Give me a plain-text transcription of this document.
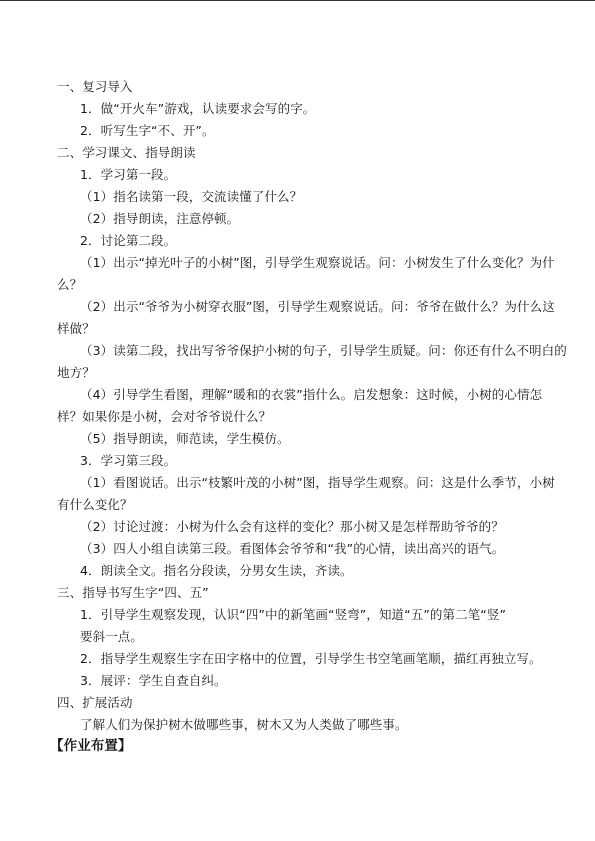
一、复习导入
1．做“开火车”游戏，认读要求会写的字。
2．听写生字“不、开”。
二、学习课文、指导朗读
1．学习第一段。
（1）指名读第一段，交流读懂了什么？
（2）指导朗读，注意停顿。
2．讨论第二段。
（1）出示“掉光叶子的小树”图，引导学生观察说话。问：小树发生了什么变化？为什
么？
（2）出示“爷爷为小树穿衣服”图，引导学生观察说话。问：爷爷在做什么？为什么这
样做？
（3）读第二段，找出写爷爷保护小树的句子，引导学生质疑。问：你还有什么不明白的
地方？
（4）引导学生看图，理解“暖和的衣裳”指什么。启发想象：这时候，小树的心情怎
样？如果你是小树，会对爷爷说什么？
（5）指导朗读，师范读，学生模仿。
3．学习第三段。
（1）看图说话。出示“枝繁叶茂的小树”图，指导学生观察。问：这是什么季节，小树
有什么变化？
（2）讨论过渡：小树为什么会有这样的变化？那小树又是怎样帮助爷爷的？
（3）四人小组自读第三段。看图体会爷爷和“我”的心情，读出高兴的语气。
4．朗读全文。指名分段读，分男女生读，齐读。
三、指导书写生字“四、五”
1．引导学生观察发现，认识“四”中的新笔画“竖弯”，知道“五”的第二笔“竖”
要斜一点。
2．指导学生观察生字在田字格中的位置，引导学生书空笔画笔顺，描红再独立写。
3．展评：学生自查自纠。
四、扩展活动
了解人们为保护树木做哪些事，树木又为人类做了哪些事。
【作业布置】
